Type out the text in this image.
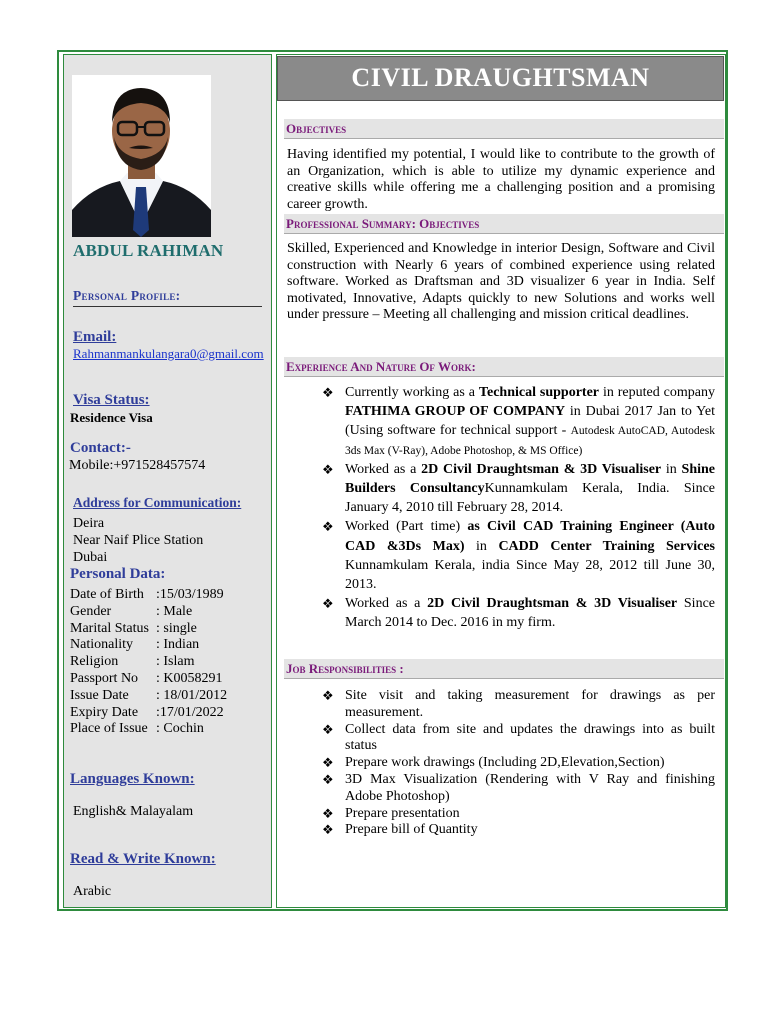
ABDUL RAHIMAN
Personal Profile:
Email:
Rahmanmankulangara0@gmail.com
Visa Status:
Residence Visa
Contact:-
Mobile:+971528457574
Address for Communication:
Deira
Near Naif Plice Station
Dubai
Personal Data:
Date of Birth :15/03/1989
Gender	: Male
Marital Status : single
Nationality	: Indian
Religion	: Islam
Passport No	: K0058291
Issue Date	: 18/01/2012
Expiry Date	:17/01/2022
Place of Issue : Cochin
Languages Known:
English& Malayalam
Read & Write Known:
Arabic
CIVIL DRAUGHTSMAN
Objectives
Having identified my potential, I would like to contribute to the growth of an Organization, which is able to utilize my dynamic experience and creative skills while offering me a challenging position and a promising career growth.
Professional Summary: Objectives
Skilled, Experienced and Knowledge in interior Design, Software and Civil construction with Nearly 6 years of combined experience using related software. Worked as Draftsman and 3D visualizer 6 year in India. Self motivated, Innovative, Adapts quickly to new Solutions and works well under pressure – Meeting all challenging and mission critical deadlines.
Experience And Nature Of Work:
❖ Currently working as a Technical supporter in reputed company FATHIMA GROUP OF COMPANY in Dubai 2017 Jan to Yet (Using software for technical support - Autodesk AutoCAD, Autodesk 3ds Max (V-Ray), Adobe Photoshop, & MS Office)
❖ Worked as a 2D Civil Draughtsman & 3D Visualiser in Shine Builders ConsultancyKunnamkulam Kerala, India. Since January 4, 2010 till February 28, 2014.
❖ Worked (Part time) as Civil CAD Training Engineer (Auto CAD &3Ds Max) in CADD Center Training Services Kunnamkulam Kerala, india Since May 28, 2012 till June 30, 2013.
❖ Worked as a 2D Civil Draughtsman & 3D Visualiser Since March 2014 to Dec. 2016 in my firm.
Job Responsibilities :
❖ Site visit and taking measurement for drawings as per measurement.
❖ Collect data from site and updates the drawings into as built status
❖ Prepare work drawings (Including 2D,Elevation,Section)
❖ 3D Max Visualization (Rendering with V Ray and finishing Adobe Photoshop)
❖ Prepare presentation
❖ Prepare bill of Quantity
